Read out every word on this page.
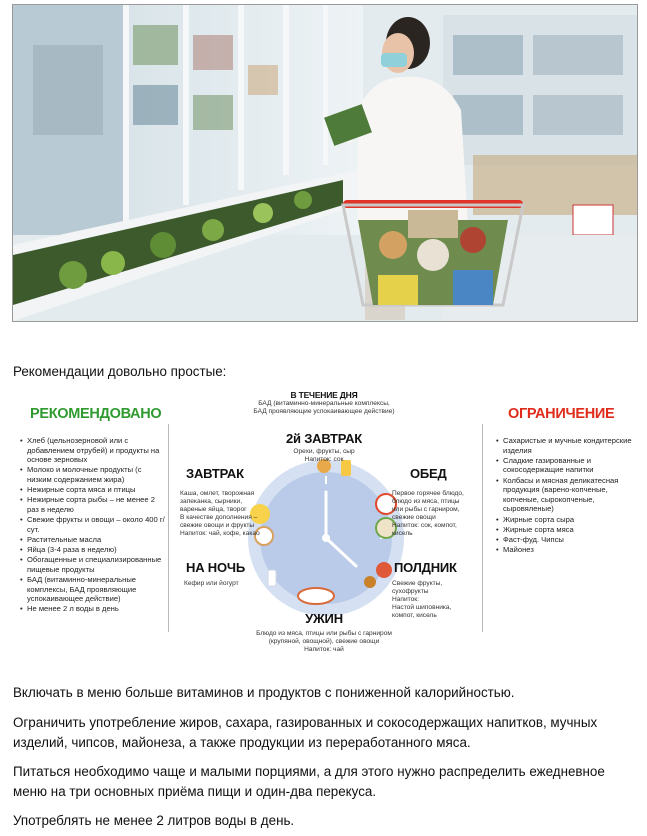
Рекомендации довольно простые:

РЕКОМЕНДОВАНО
• Хлеб (цельнозерновой или с добавлением отрубей) и продукты на основе зерновых
• Молоко и молочные продукты (с низким содержанием жира)
• Нежирные сорта мяса и птицы
• Нежирные сорта рыбы – не менее 2 раз в неделю
• Свежие фрукты и овощи – около 400 г/сут.
• Растительные масла
• Яйца (3-4 раза в неделю)
• Обогащенные и специализированные пищевые продукты
• БАД (витаминно-минеральные комплексы, БАД проявляющие успокаивающее действие)
• Не менее 2 л воды в день
ОГРАНИЧЕНИЕ
• Сахаристые и мучные кондитерские изделия
• Сладкие газированные и сокосодержащие напитки
• Колбасы и мясная деликатесная продукция (варено-копченые, копченые, сырокопченые, сыровяленые)
• Жирные сорта сыра
• Жирные сорта мяса
• Фаст-фуд. Чипсы
• Майонез
В ТЕЧЕНИЕ ДНЯ
БАД (витаминно-минеральные комплексы,
БАД проявляющие успокаивающее действие)
2й ЗАВТРАК
Орехи, фрукты, сыр
Напиток: сок
ЗАВТРАК
Каша, омлет, творожная
запеканка, сырники,
вареные яйца, творог
В качестве дополнения –
свежие овощи и фрукты
Напиток: чай, кофе, какао
ОБЕД
Первое горячее блюдо,
блюдо из мяса, птицы
или рыбы с гарниром,
свежие овощи
Напиток: сок, компот,
кисель
НА НОЧЬ
Кефир или йогурт
ПОЛДНИК
Свежие фрукты,
сухофрукты
Напиток:
Настой шиповника,
компот, кисель
УЖИН
Блюдо из мяса, птицы или рыбы с гарниром
(крупяной, овощной), свежие овощи
Напиток: чай

Включать в меню больше витаминов и продуктов с пониженной калорийностью.

Ограничить употребление жиров, сахара, газированных и сокосодержащих напитков, мучных изделий, чипсов, майонеза, а также продукции из переработанного мяса.

Питаться необходимо чаще и малыми порциями, а для этого нужно распределить ежедневное меню на три основных приёма пищи и один-два перекуса.

Употреблять не менее 2 литров воды в день.
